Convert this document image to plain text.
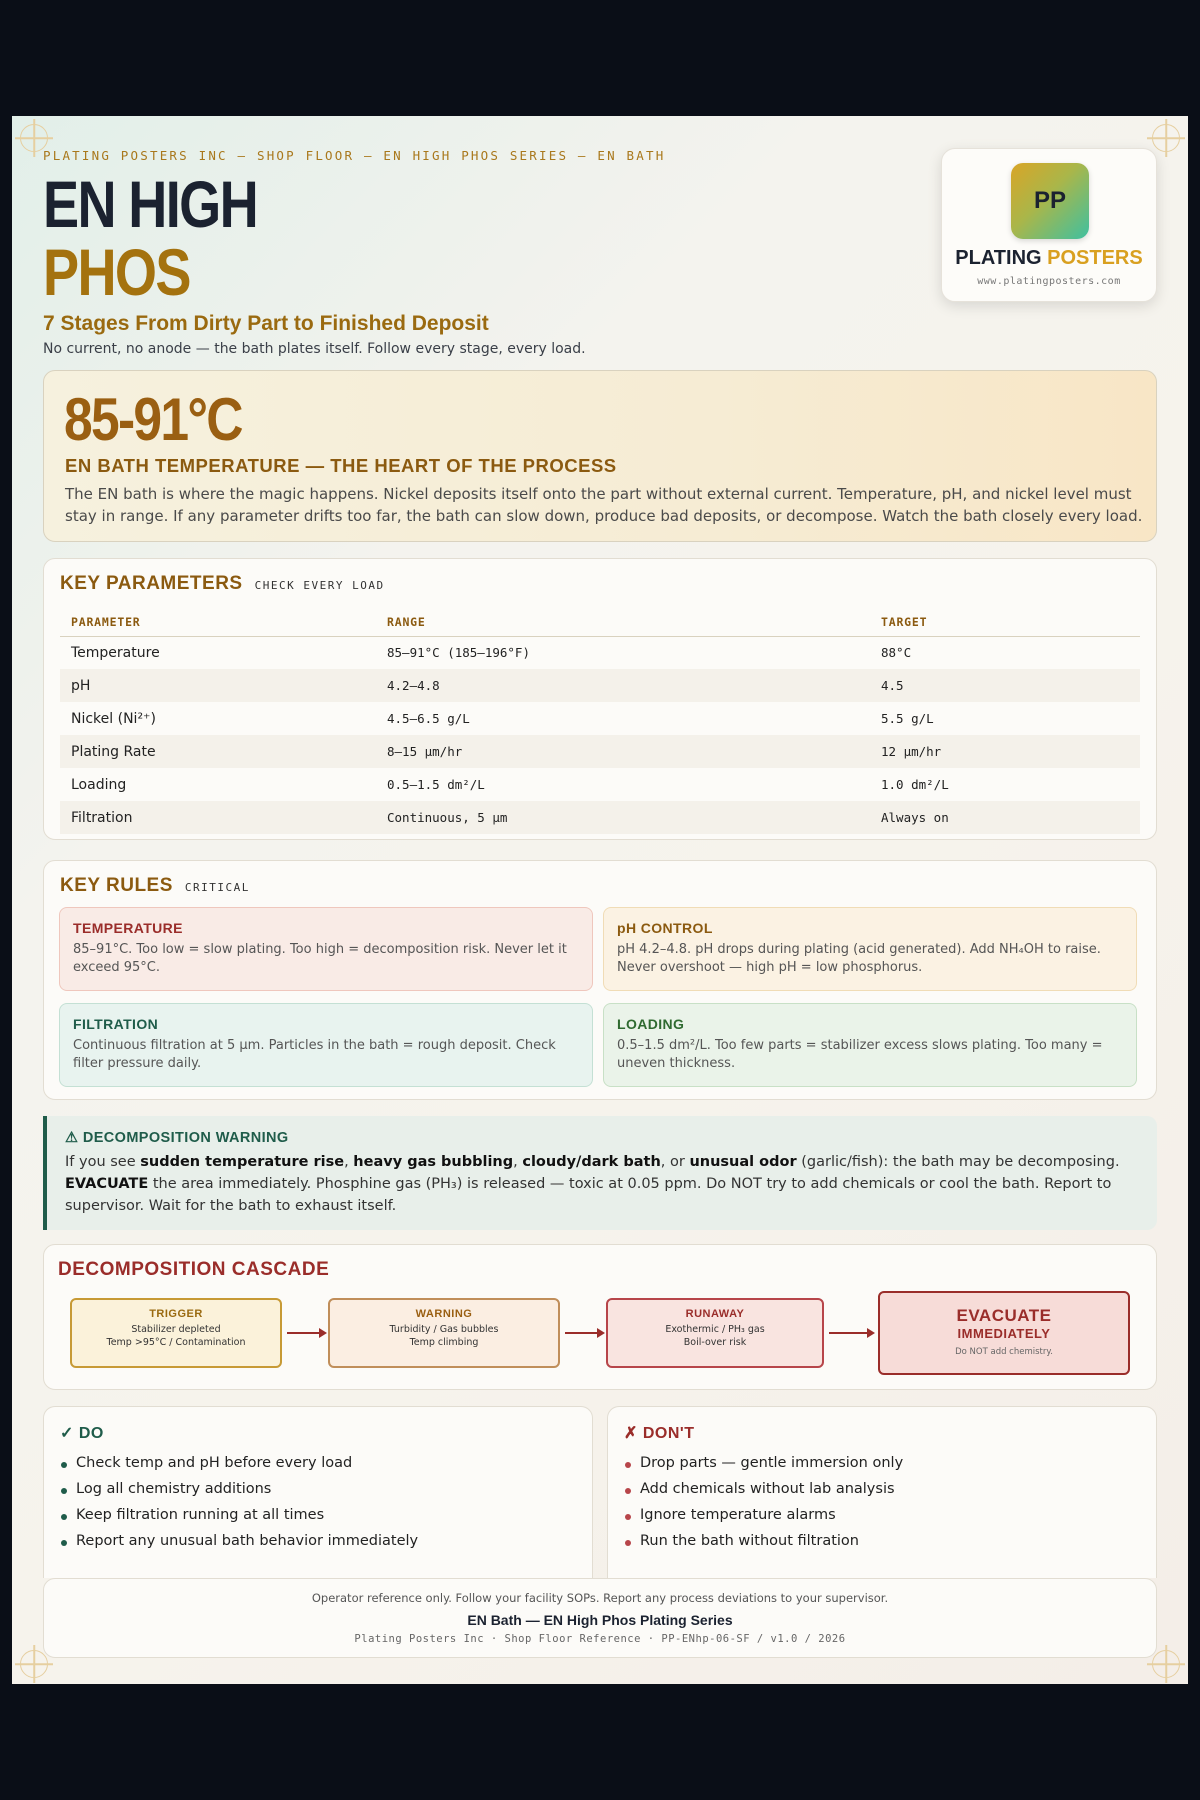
PLATING POSTERS INC — SHOP FLOOR — EN HIGH PHOS SERIES — EN BATH
EN HIGH
PHOS
7 Stages From Dirty Part to Finished Deposit
No current, no anode — the bath plates itself. Follow every stage, every load.
PP
PLATING POSTERS
www.platingposters.com
85-91°C
EN BATH TEMPERATURE — THE HEART OF THE PROCESS
The EN bath is where the magic happens. Nickel deposits itself onto the part without external current. Temperature, pH, and nickel level must stay in range. If any parameter drifts too far, the bath can slow down, produce bad deposits, or decompose. Watch the bath closely every load.
KEY PARAMETERS CHECK EVERY LOAD
PARAMETER	RANGE	TARGET
Temperature	85–91°C (185–196°F)	88°C
pH	4.2–4.8	4.5
Nickel (Ni²⁺)	4.5–6.5 g/L	5.5 g/L
Plating Rate	8–15 µm/hr	12 µm/hr
Loading	0.5–1.5 dm²/L	1.0 dm²/L
Filtration	Continuous, 5 µm	Always on
KEY RULES CRITICAL
TEMPERATURE
85–91°C. Too low = slow plating. Too high = decomposition risk. Never let it exceed 95°C.
pH CONTROL
pH 4.2–4.8. pH drops during plating (acid generated). Add NH₄OH to raise. Never overshoot — high pH = low phosphorus.
FILTRATION
Continuous filtration at 5 µm. Particles in the bath = rough deposit. Check filter pressure daily.
LOADING
0.5–1.5 dm²/L. Too few parts = stabilizer excess slows plating. Too many = uneven thickness.
⚠ DECOMPOSITION WARNING
If you see sudden temperature rise, heavy gas bubbling, cloudy/dark bath, or unusual odor (garlic/fish): the bath may be decomposing. EVACUATE the area immediately. Phosphine gas (PH₃) is released — toxic at 0.05 ppm. Do NOT try to add chemicals or cool the bath. Report to supervisor. Wait for the bath to exhaust itself.
DECOMPOSITION CASCADE
TRIGGER
Stabilizer depleted
Temp >95°C / Contamination
WARNING
Turbidity / Gas bubbles
Temp climbing
RUNAWAY
Exothermic / PH₃ gas
Boil-over risk
EVACUATE
IMMEDIATELY
Do NOT add chemistry.
✓ DO
Check temp and pH before every load
Log all chemistry additions
Keep filtration running at all times
Report any unusual bath behavior immediately
✗ DON'T
Drop parts — gentle immersion only
Add chemicals without lab analysis
Ignore temperature alarms
Run the bath without filtration
Operator reference only. Follow your facility SOPs. Report any process deviations to your supervisor.
EN Bath — EN High Phos Plating Series
Plating Posters Inc · Shop Floor Reference · PP-ENhp-06-SF / v1.0 / 2026
